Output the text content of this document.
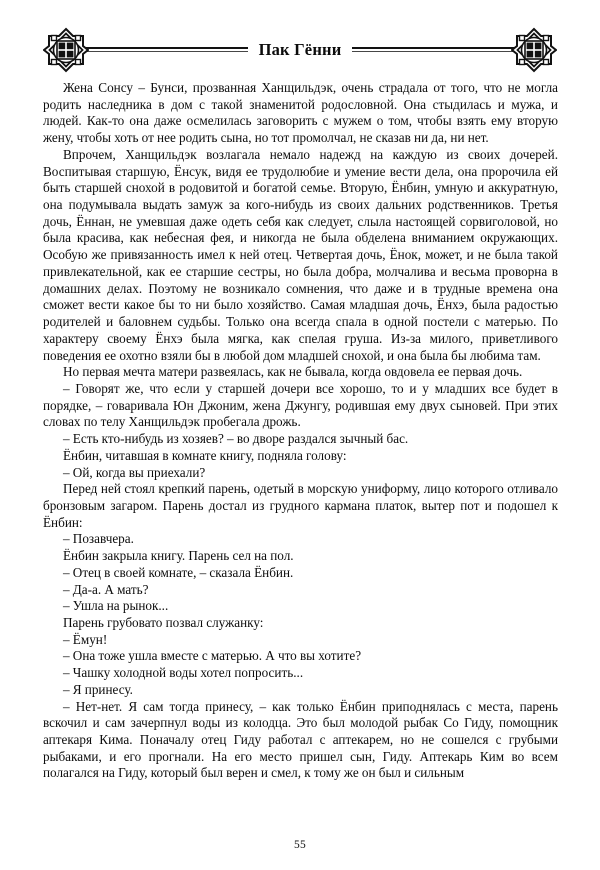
Пак Гённи

Жена Сонсу – Бунси, прозванная Ханщильдэк, очень страдала от того, что не могла родить наследника в дом с такой знаменитой родословной. Она стыдилась и мужа, и людей. Как-то она даже осмелилась заговорить с мужем о том, чтобы взять ему вторую жену, чтобы хоть от нее родить сына, но тот промолчал, не сказав ни да, ни нет.

Впрочем, Ханщильдэк возлагала немало надежд на каждую из своих дочерей. Воспитывая старшую, Ёнсук, видя ее трудолюбие и умение вести дела, она пророчила ей быть старшей снохой в родовитой и богатой семье. Вторую, Ёнбин, умную и аккуратную, она подумывала выдать замуж за кого-нибудь из своих дальних родственников. Третья дочь, Ённан, не умевшая даже одеть себя как следует, слыла настоящей сорвиголовой, но была красива, как небесная фея, и никогда не была обделена вниманием окружающих. Особую же привязанность имел к ней отец. Четвертая дочь, Ёнок, может, и не была такой привлекательной, как ее старшие сестры, но была добра, молчалива и весьма проворна в домашних делах. Поэтому не возникало сомнения, что даже и в трудные времена она сможет вести какое бы то ни было хозяйство. Самая младшая дочь, Ёнхэ, была радостью родителей и баловнем судьбы. Только она всегда спала в одной постели с матерью. По характеру своему Ёнхэ была мягка, как спелая груша. Из-за милого, приветливого поведения ее охотно взяли бы в любой дом младшей снохой, и она была бы любима там.

Но первая мечта матери развеялась, как не бывала, когда овдовела ее первая дочь.

– Говорят же, что если у старшей дочери все хорошо, то и у младших все будет в порядке, – говаривала Юн Джоним, жена Джунгу, родившая ему двух сыновей. При этих словах по телу Ханщильдэк пробегала дрожь.

– Есть кто-нибудь из хозяев? – во дворе раздался зычный бас.

Ёнбин, читавшая в комнате книгу, подняла голову:

– Ой, когда вы приехали?

Перед ней стоял крепкий парень, одетый в морскую униформу, лицо которого отливало бронзовым загаром. Парень достал из грудного кармана платок, вытер пот и подошел к Ёнбин:

– Позавчера.

Ёнбин закрыла книгу. Парень сел на пол.

– Отец в своей комнате, – сказала Ёнбин.

– Да-а. А мать?

– Ушла на рынок...

Парень грубовато позвал служанку:

– Ёмун!

– Она тоже ушла вместе с матерью. А что вы хотите?

– Чашку холодной воды хотел попросить...

– Я принесу.

– Нет-нет. Я сам тогда принесу, – как только Ёнбин приподнялась с места, парень вскочил и сам зачерпнул воды из колодца. Это был молодой рыбак Со Гиду, помощник аптекаря Кима. Поначалу отец Гиду работал с аптекарем, но не сошелся с грубыми рыбаками, и его прогнали. На его место пришел сын, Гиду. Аптекарь Ким во всем полагался на Гиду, который был верен и смел, к тому же он был и сильным

55
